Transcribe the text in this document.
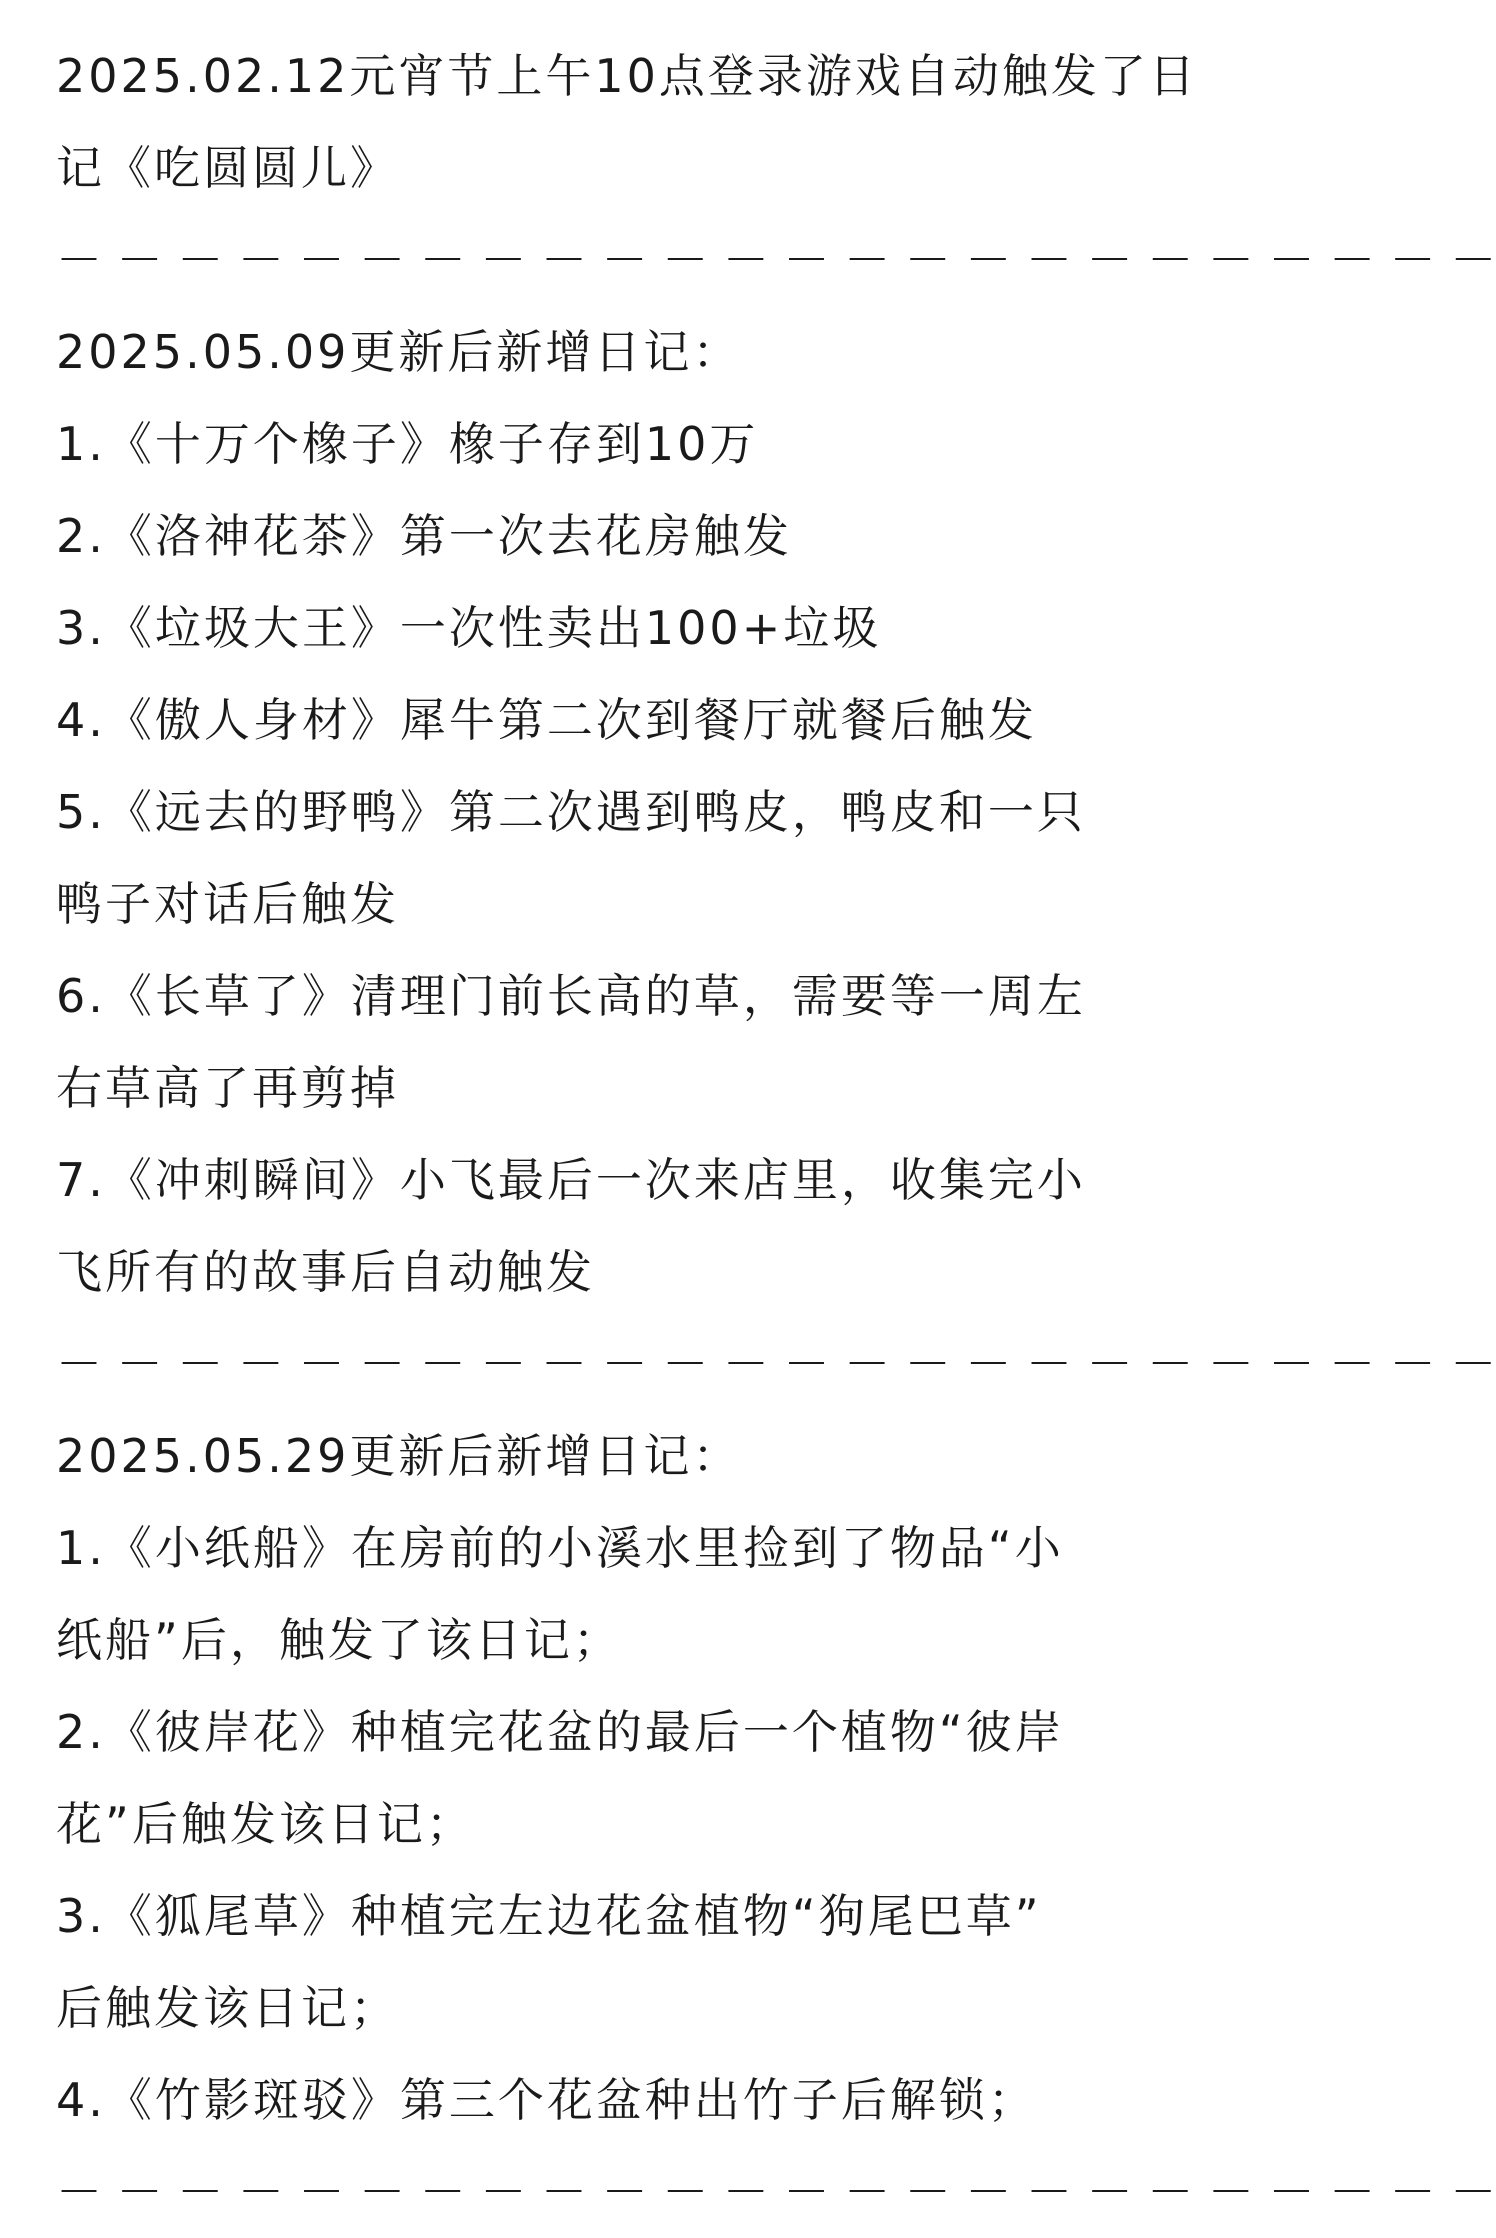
2025.02.12元宵节上午10点登录游戏自动触发了日
记《吃圆圆儿》
－ － － － － － － － － － － － － － － － － － － － － － － －
2025.05.09更新后新增日记：
1.《十万个橡子》橡子存到10万
2.《洛神花茶》第一次去花房触发
3.《垃圾大王》一次性卖出100+垃圾
4.《傲人身材》犀牛第二次到餐厅就餐后触发
5.《远去的野鸭》第二次遇到鸭皮，鸭皮和一只
鸭子对话后触发
6.《长草了》清理门前长高的草，需要等一周左
右草高了再剪掉
7.《冲刺瞬间》小飞最后一次来店里，收集完小
飞所有的故事后自动触发
－ － － － － － － － － － － － － － － － － － － － － － － －
2025.05.29更新后新增日记：
1.《小纸船》在房前的小溪水里捡到了物品“小
纸船”后，触发了该日记；
2.《彼岸花》种植完花盆的最后一个植物“彼岸
花”后触发该日记；
3.《狐尾草》种植完左边花盆植物“狗尾巴草”
后触发该日记；
4.《竹影斑驳》第三个花盆种出竹子后解锁；
－ － － － － － － － － － － － － － － － － － － － － － － －
